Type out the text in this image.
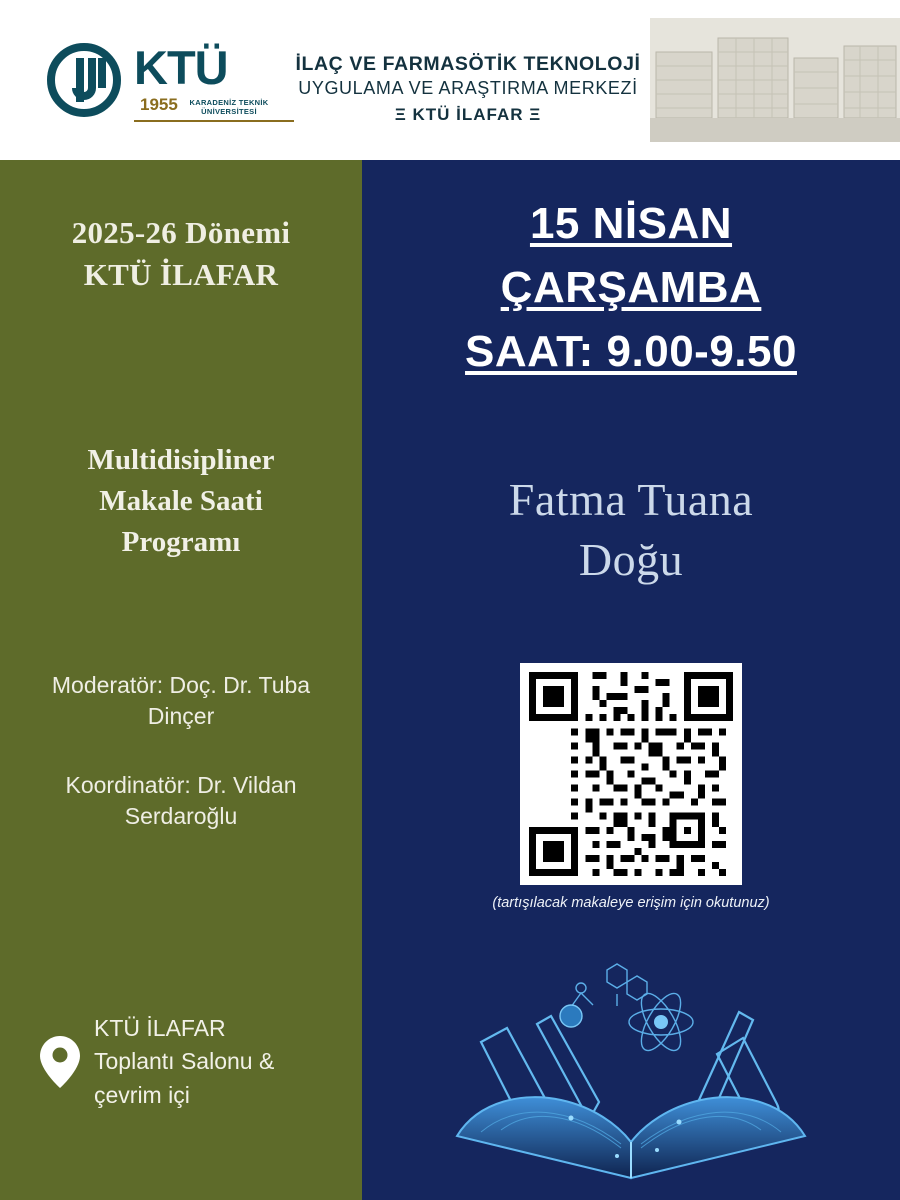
KTÜ
1955	KARADENİZ TEKNİK ÜNİVERSİTESİ
İLAÇ VE FARMASÖTİK TEKNOLOJİ
UYGULAMA VE ARAŞTIRMA MERKEZİ
Ξ KTÜ İLAFAR Ξ
2025-26 Dönemi
KTÜ İLAFAR
Multidisipliner
Makale Saati
Programı
Moderatör: Doç. Dr. Tuba Dinçer
Koordinatör: Dr. Vildan Serdaroğlu
KTÜ İLAFAR
Toplantı Salonu &
çevrim içi
15 NİSAN
ÇARŞAMBA
SAAT: 9.00-9.50
Fatma Tuana
Doğu
(tartışılacak makaleye erişim için okutunuz)
